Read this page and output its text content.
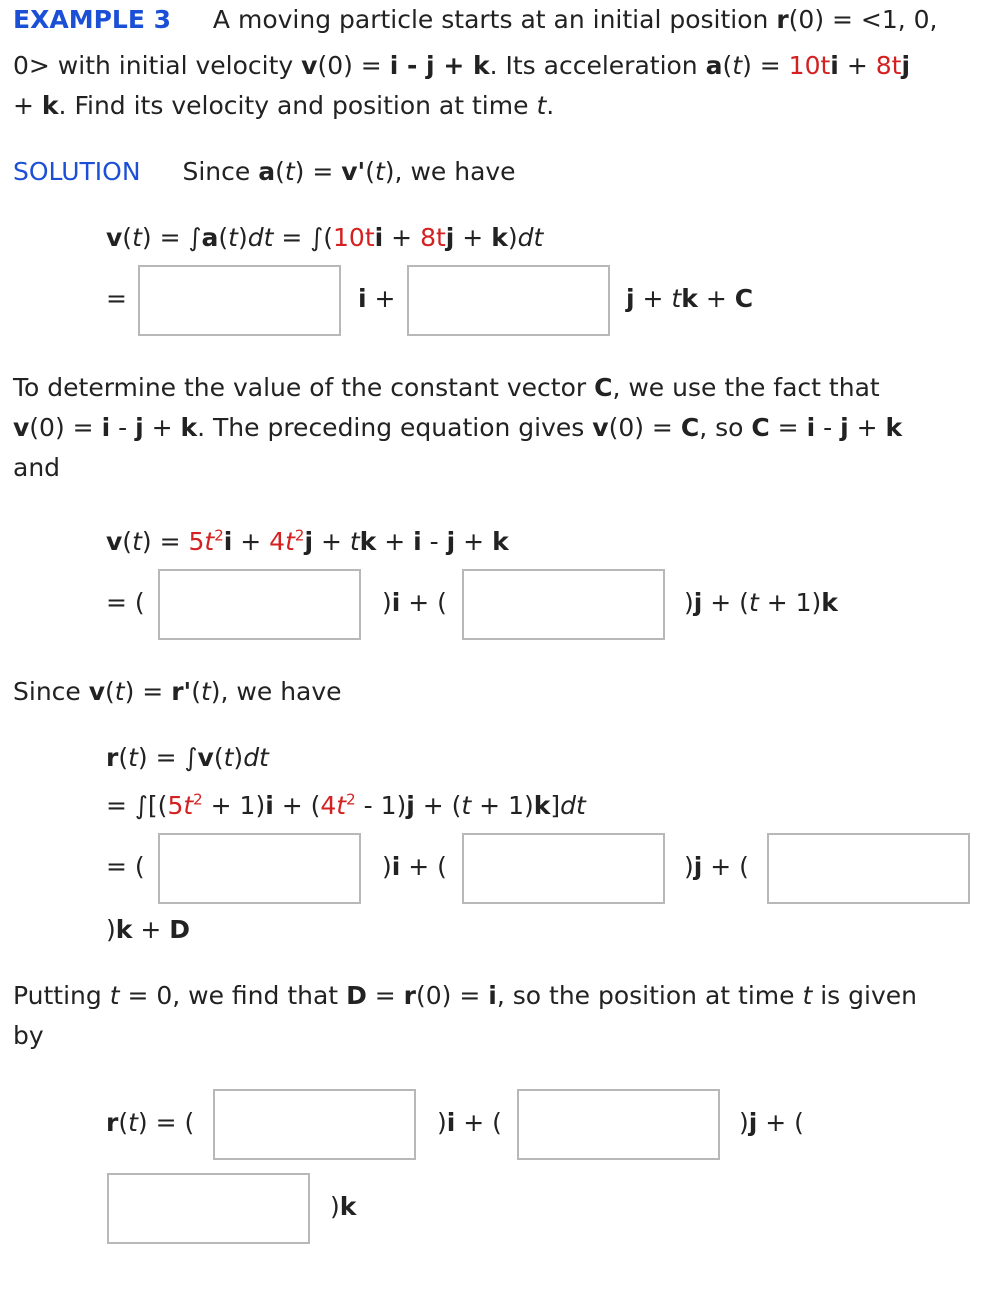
EXAMPLE 3 A moving particle starts at an initial position r(0) = <1, 0,
0> with initial velocity v(0) = i - j + k. Its acceleration a(t) = 10ti + 8tj
+ k. Find its velocity and position at time t.
SOLUTION Since a(t) = v'(t), we have
v(t) = ∫a(t)dt = ∫(10ti + 8tj + k)dt
=	i +	j + tk + C
To determine the value of the constant vector C, we use the fact that
v(0) = i - j + k. The preceding equation gives v(0) = C, so C = i - j + k
and
$v(t) = 5t^2i + 4t^2j$ + tk + i - j + k
= (	)i + (	)j + (t + 1)k
Since v(t) = r'(t), we have
r(t) = ∫v(t)dt
= $\int[(5t^2 + 1)i + (4t^2 - 1)j + (t + 1)k]dt$
= (	)i + (	)j + (
)k + D
Putting t = 0, we find that D = r(0) = i, so the position at time t is given
by
r(t) = (	)i + (	)j + (
)k
